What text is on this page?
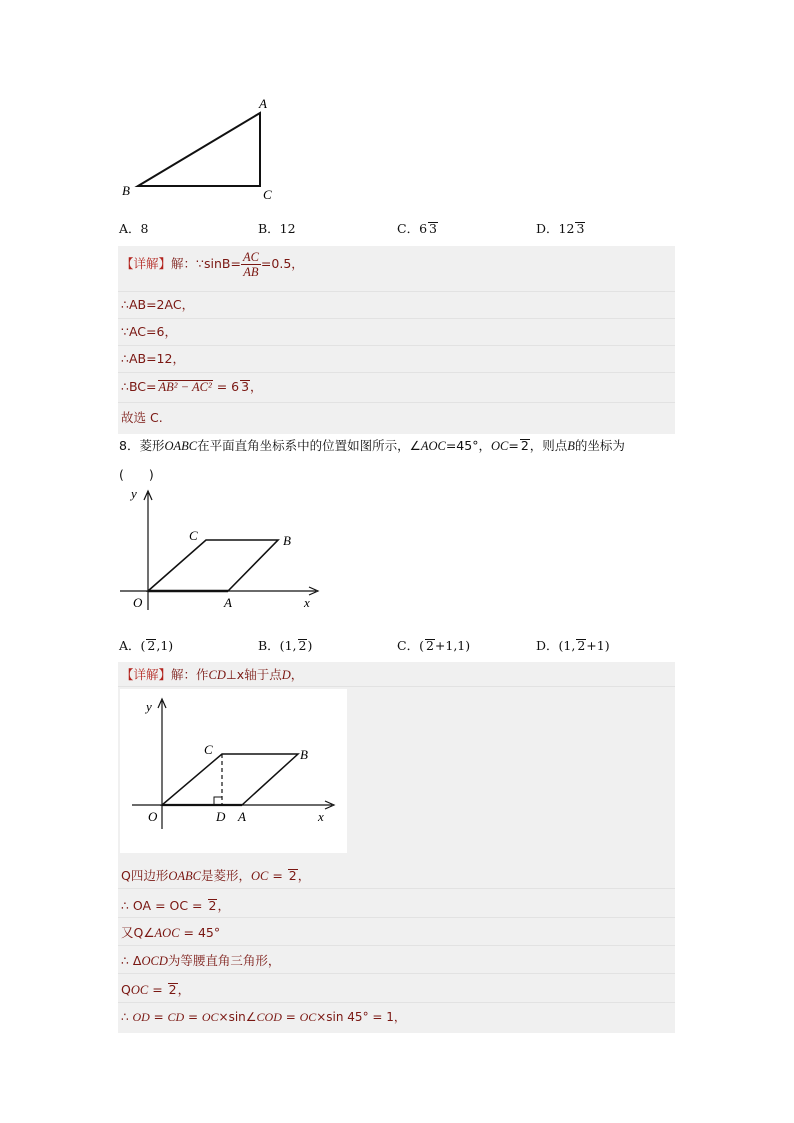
A
B	C
A．8	B．12	C．6 3	D．12 3
【详解】解：∵sinB= $\frac{AC}{AB} =0.5$，
∴AB=2AC，
∵AC=6，
∴AB=12，
∴BC= AB² − AC² = 6 3，
故选 C.
8．菱形OABC在平面直角坐标系中的位置如图所示，∠AOC=45°，OC= 2，则点B的坐标为
(　　)
y
x
O	A
B
C
A．( 2,1)	B．(1, 2)	C．( 2+1,1)	D．(1, 2+1)
【详解】解：作CD⊥x轴于点D，
y
x
O	D A
B
C
Q四边形OABC是菱形，OC = 2，
∴ OA = OC = 2，
又Q∠AOC = 45°
∴ ΔOCD为等腰直角三角形，
QOC = 2，
∴ OD = CD = OC×sin∠COD = OC×sin 45° = 1，
